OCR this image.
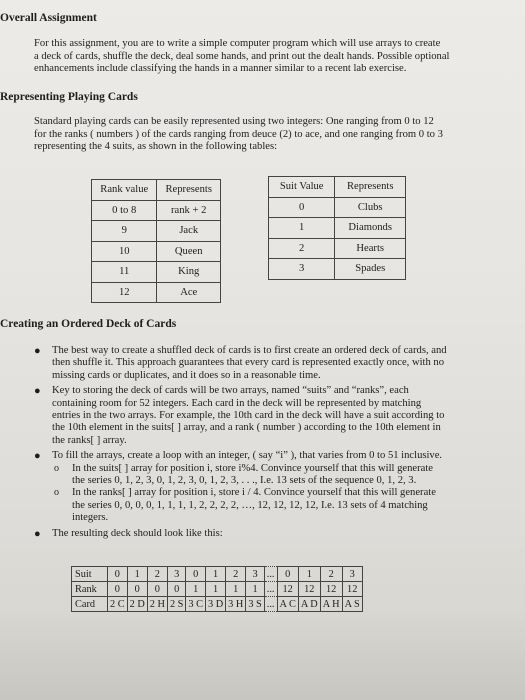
Overall Assignment
For this assignment, you are to write a simple computer program which will use arrays to create
a deck of cards, shuffle the deck, deal some hands, and print out the dealt hands. Possible optional
enhancements include classifying the hands in a manner similar to a recent lab exercise.
Representing Playing Cards
Standard playing cards can be easily represented using two integers: One ranging from 0 to 12
for the ranks ( numbers ) of the cards ranging from deuce (2) to ace, and one ranging from 0 to 3
representing the 4 suits, as shown in the following tables:
Rank value	Represents
0 to 8	rank + 2
9	Jack
10	Queen
11	King
12	Ace
Suit Value	Represents
0	Clubs
1	Diamonds
2	Hearts
3	Spades
Creating an Ordered Deck of Cards
● The best way to create a shuffled deck of cards is to first create an ordered deck of cards, and
then shuffle it. This approach guarantees that every card is represented exactly once, with no
missing cards or duplicates, and it does so in a reasonable time.
● Key to storing the deck of cards will be two arrays, named “suits” and “ranks”, each
containing room for 52 integers. Each card in the deck will be represented by matching
entries in the two arrays. For example, the 10th card in the deck will have a suit according to
the 10th element in the suits[ ] array, and a rank ( number ) according to the 10th element in
the ranks[ ] array.
● To fill the arrays, create a loop with an integer, ( say “i” ), that varies from 0 to 51 inclusive.
o In the suits[ ] array for position i, store i%4. Convince yourself that this will generate
the series 0, 1, 2, 3, 0, 1, 2, 3, 0, 1, 2, 3, . . ., I.e. 13 sets of the sequence 0, 1, 2, 3.
o In the ranks[ ] array for position i, store i / 4. Convince yourself that this will generate
the series 0, 0, 0, 0, 1, 1, 1, 1, 2, 2, 2, 2, …, 12, 12, 12, 12, I.e. 13 sets of 4 matching
integers.
● The resulting deck should look like this:
Suit	0	1	2	3	0	1	2	3	...	0	1	2	3
Rank	0	0	0	0	1	1	1	1	...	12	12	12	12
Card	2 C	2 D	2 H	2 S	3 C	3 D	3 H	3 S	...	A C	A D	A H	A S
